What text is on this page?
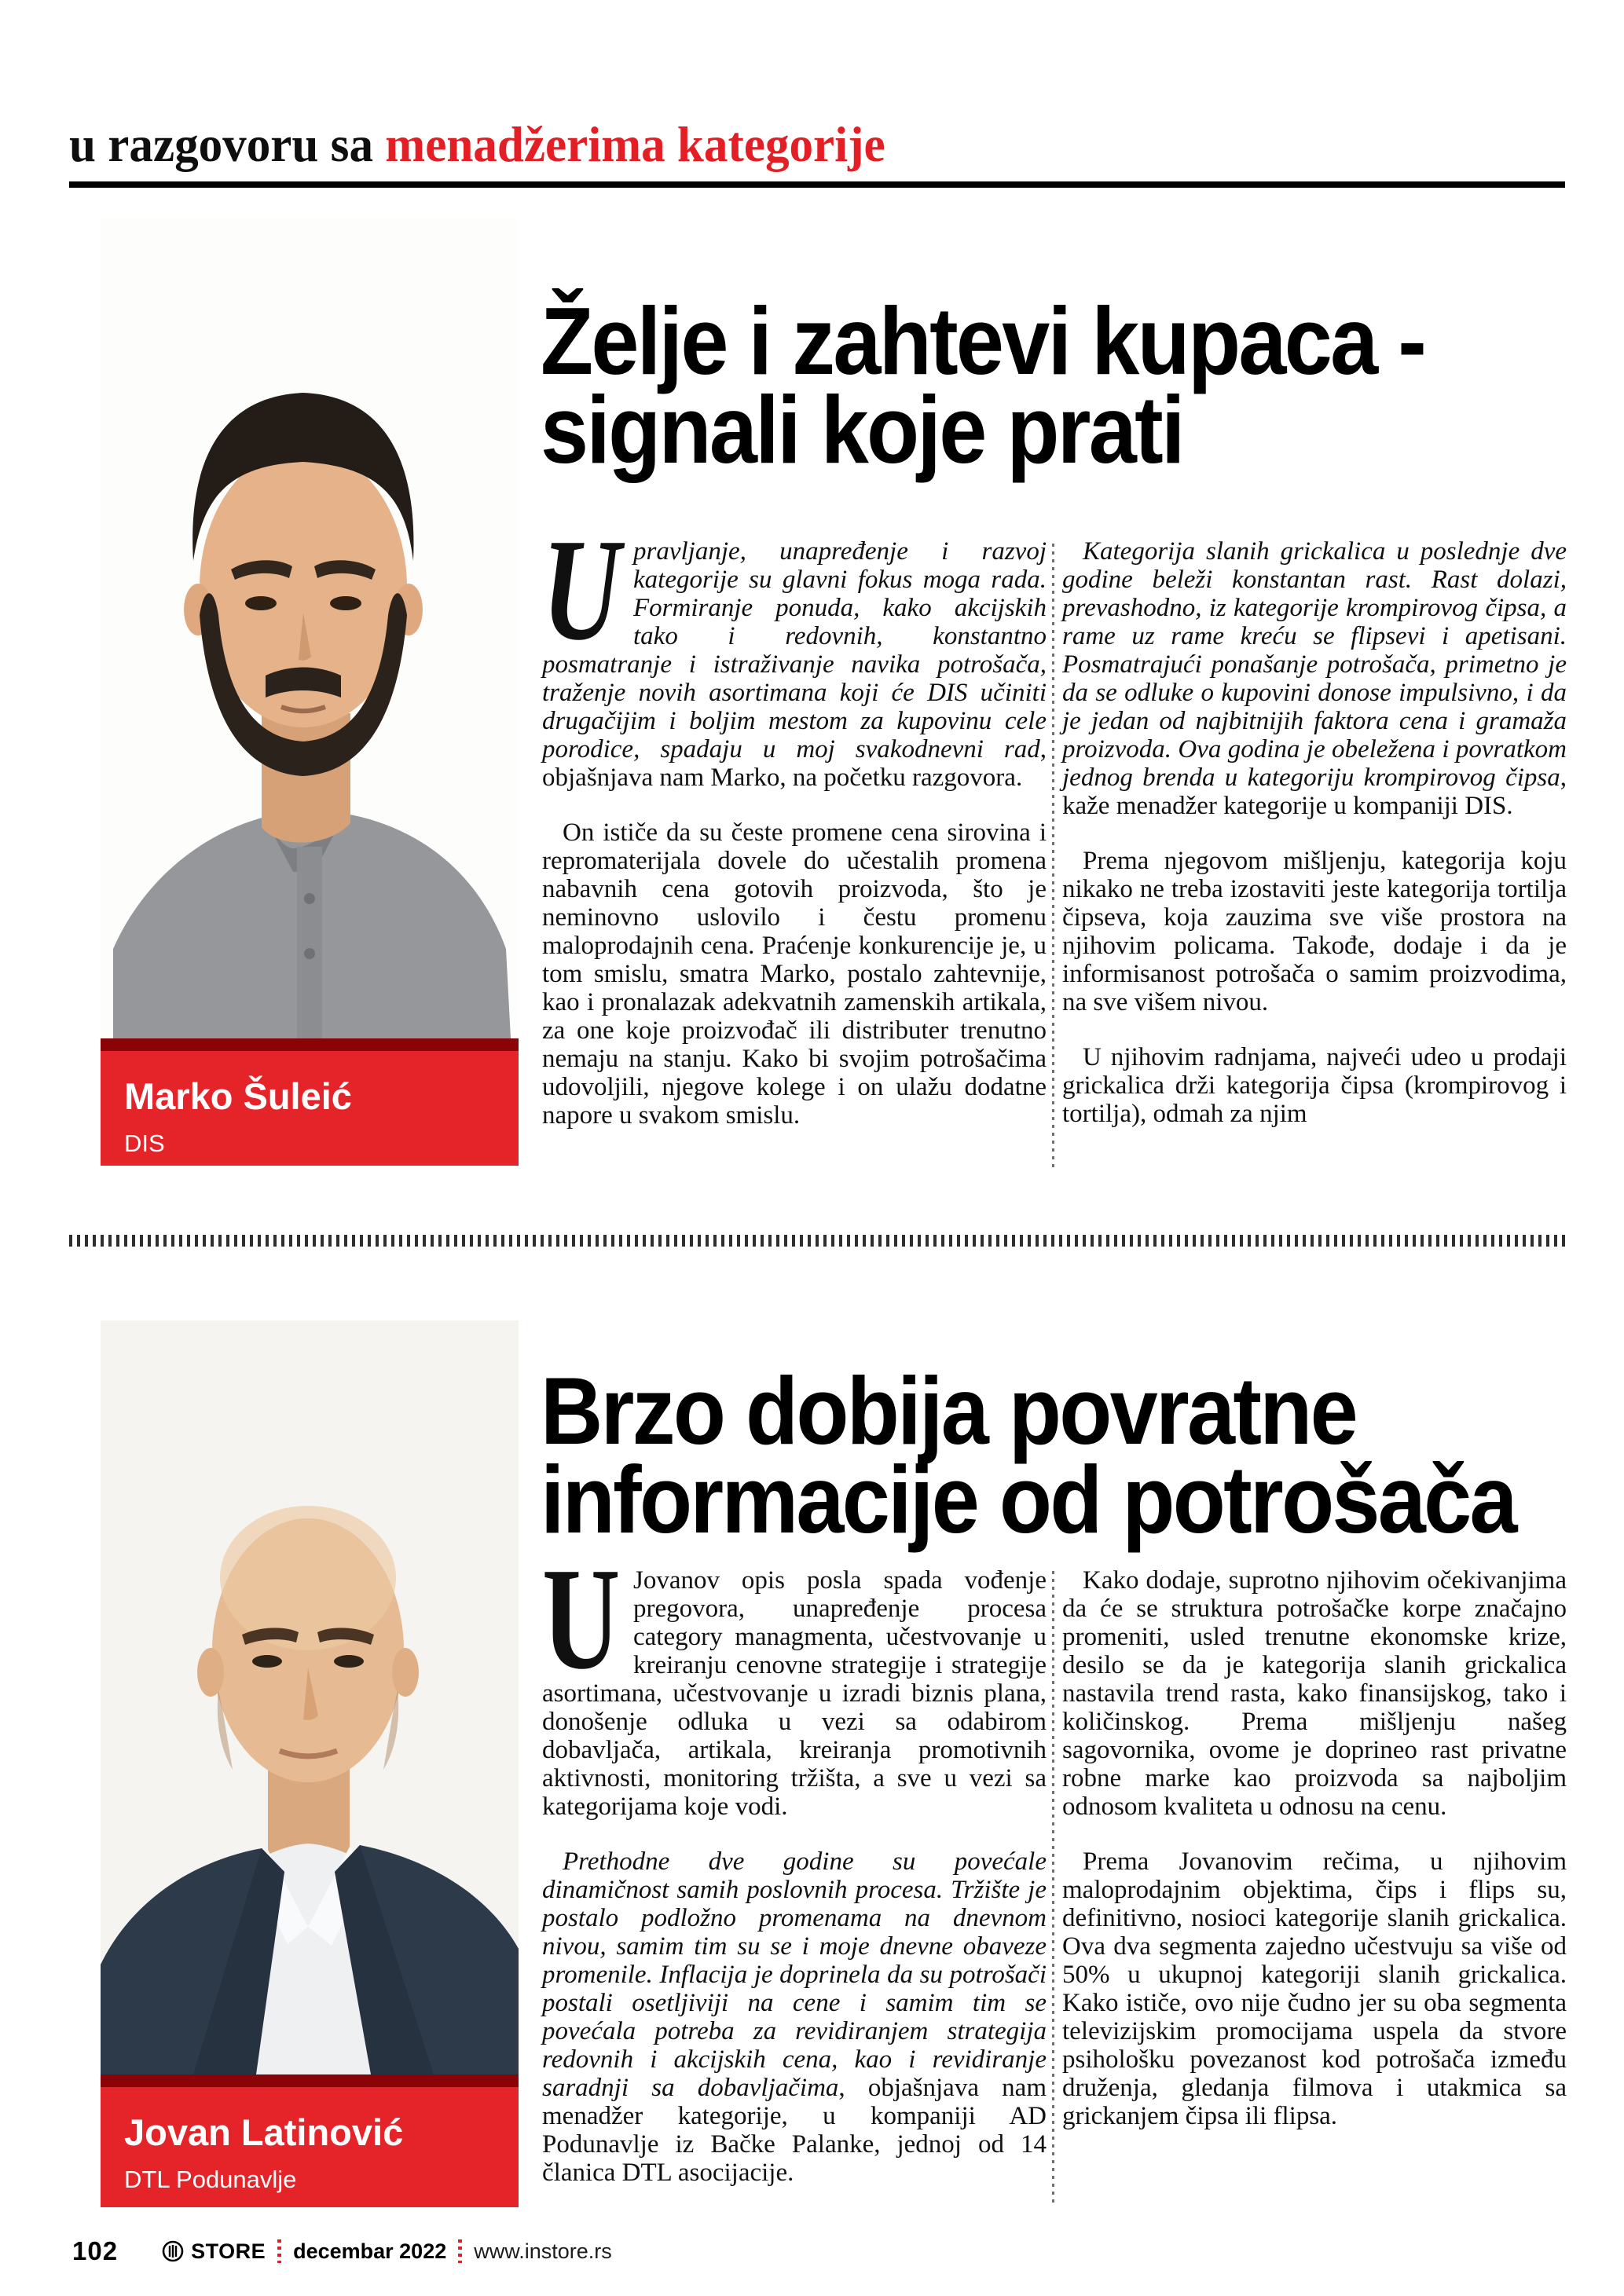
u razgovoru sa menadžerima kategorije
Želje i zahtevi kupaca -
signali koje prati
Marko Šuleić
DIS

Upravljanje, unapređenje i razvoj kategorije su glavni fokus moga rada. Formiranje ponuda, kako akcijskih tako i redovnih, konstantno posmatranje i istraživanje navika potrošača, traženje novih asortimana koji će DIS učiniti drugačijim i boljim mestom za kupovinu cele porodice, spadaju u moj svakodnevni rad, objašnjava nam Marko, na početku razgovora.

On ističe da su česte promene cena sirovina i repromaterijala dovele do učestalih promena nabavnih cena gotovih proizvoda, što je neminovno uslovilo i čestu promenu maloprodajnih cena. Praćenje konkurencije je, u tom smislu, smatra Marko, postalo zahtevnije, kao i pronalazak adekvatnih zamenskih artikala, za one koje proizvođač ili distributer trenutno nemaju na stanju. Kako bi svojim potrošačima udovoljili, njegove kolege i on ulažu dodatne napore u svakom smislu.

Kategorija slanih grickalica u poslednje dve godine beleži konstantan rast. Rast dolazi, prevashodno, iz kategorije krompirovog čipsa, a rame uz rame kreću se flipsevi i apetisani. Posmatrajući ponašanje potrošača, primetno je da se odluke o kupovini donose impulsivno, i da je jedan od najbitnijih faktora cena i gramaža proizvoda. Ova godina je obeležena i povratkom jednog brenda u kategoriju krompirovog čipsa, kaže menadžer kategorije u kompaniji DIS.

Prema njegovom mišljenju, kategorija koju nikako ne treba izostaviti jeste kategorija tortilja čipseva, koja zauzima sve više prostora na njihovim policama. Takođe, dodaje i da je informisanost potrošača o samim proizvodima, na sve višem nivou.

U njihovim radnjama, najveći udeo u prodaji grickalica drži kategorija čipsa (krompirovog i tortilja), odmah za njim

Brzo dobija povratne
informacije od potrošača
Jovan Latinović
DTL Podunavlje

U Jovanov opis posla spada vođenje pregovora, unapređenje procesa category managmenta, učestvovanje u kreiranju cenovne strategije i strategije asortimana, učestvovanje u izradi biznis plana, donošenje odluka u vezi sa odabirom dobavljača, artikala, kreiranja promotivnih aktivnosti, monitoring tržišta, a sve u vezi sa kategorijama koje vodi.

Prethodne dve godine su povećale dinamičnost samih poslovnih procesa. Tržište je postalo podložno promenama na dnevnom nivou, samim tim su se i moje dnevne obaveze promenile. Inflacija je doprinela da su potrošači postali osetljiviji na cene i samim tim se povećala potreba za revidiranjem strategija redovnih i akcijskih cena, kao i revidiranje saradnji sa dobavljačima, objašnjava nam menadžer kategorije, u kompaniji AD Podunavlje iz Bačke Palanke, jednoj od 14 članica DTL asocijacije.

Kako dodaje, suprotno njihovim očekivanjima da će se struktura potrošačke korpe značajno promeniti, usled trenutne ekonomske krize, desilo se da je kategorija slanih grickalica nastavila trend rasta, kako finansijskog, tako i količinskog. Prema mišljenju našeg sagovornika, ovome je doprineo rast privatne robne marke kao proizvoda sa najboljim odnosom kvaliteta u odnosu na cenu.

Prema Jovanovim rečima, u njihovim maloprodajnim objektima, čips i flips su, definitivno, nosioci kategorije slanih grickalica. Ova dva segmenta zajedno učestvuju sa više od 50% u ukupnoj kategoriji slanih grickalica. Kako ističe, ovo nije čudno jer su oba segmenta televizijskim promocijama uspela da stvore psihološku povezanost kod potrošača između druženja, gledanja filmova i utakmica sa grickanjem čipsa ili flipsa.

102	STORE decembar 2022 www.instore.rs
